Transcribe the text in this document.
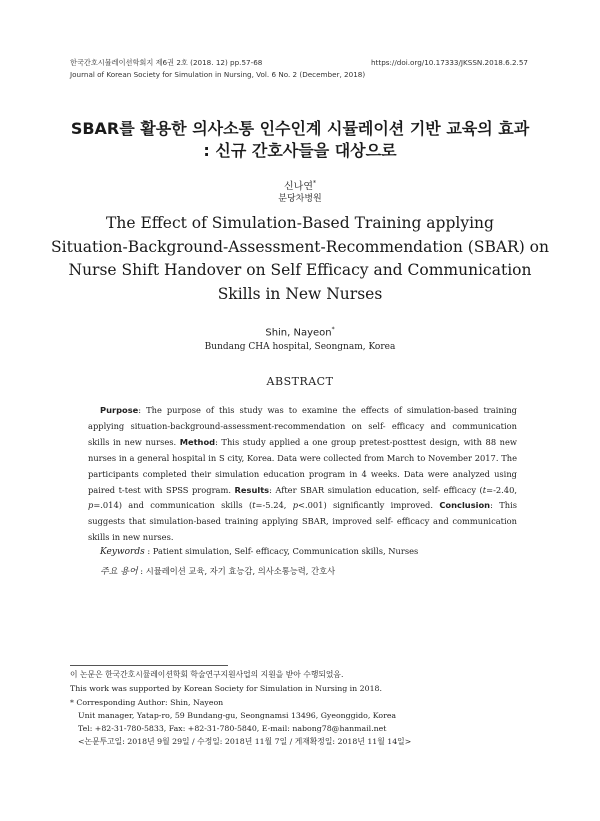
한국간호시뮬레이션학회지 제6권 2호 (2018. 12) pp.57-68
Journal of Korean Society for Simulation in Nursing, Vol. 6 No. 2 (December, 2018)
https://doi.org/10.17333/JKSSN.2018.6.2.57
SBAR를 활용한 의사소통 인수인계 시뮬레이션 기반 교육의 효과
: 신규 간호사들을 대상으로
신나연*
분당차병원
The Effect of Simulation-Based Training applying
Situation-Background-Assessment-Recommendation (SBAR) on
Nurse Shift Handover on Self Efficacy and Communication
Skills in New Nurses
Shin, Nayeon*
Bundang CHA hospital, Seongnam, Korea
ABSTRACT
Purpose: The purpose of this study was to examine the effects of simulation-based training applying situation-background-assessment-recommendation on self- efficacy and communication skills in new nurses. Method: This study applied a one group pretest-posttest design, with 88 new nurses in a general hospital in S city, Korea. Data were collected from March to November 2017. The participants completed their simulation education program in 4 weeks. Data were analyzed using paired t-test with SPSS program. Results: After SBAR simulation education, self- efficacy (t=-2.40, p=.014) and communication skills (t=-5.24, p<.001) significantly improved. Conclusion: This suggests that simulation-based training applying SBAR, improved self- efficacy and communication skills in new nurses.
Keywords : Patient simulation, Self- efficacy, Communication skills, Nurses
주요 용어 : 시뮬레이션 교육, 자기 효능감, 의사소통능력, 간호사
이 논문은 한국간호시뮬레이션학회 학술연구지원사업의 지원을 받아 수행되었음.
This work was supported by Korean Society for Simulation in Nursing in 2018.
* Corresponding Author: Shin, Nayeon
Unit manager, Yatap-ro, 59 Bundang-gu, Seongnamsi 13496, Gyeonggido, Korea
Tel: +82-31-780-5833, Fax: +82-31-780-5840, E-mail: nabong78@hanmail.net
<논문투고일: 2018년 9월 29일 / 수정일: 2018년 11월 7일 / 게재확정일: 2018년 11월 14일>
